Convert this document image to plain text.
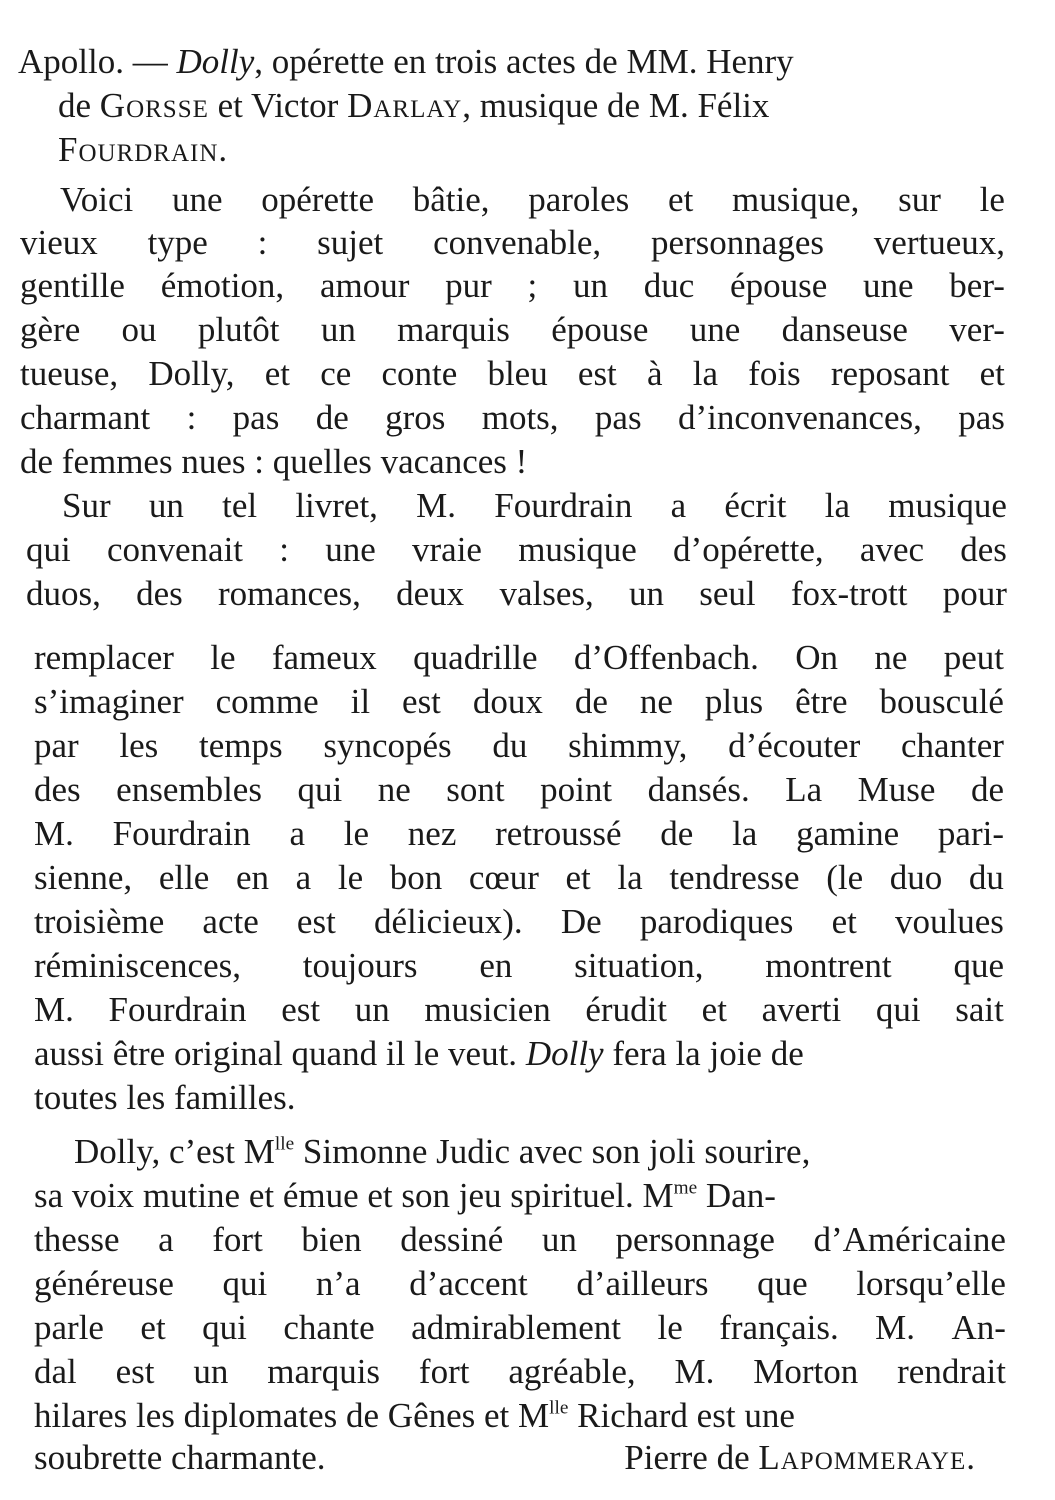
Apollo. — Dolly, opérette en trois actes de MM. Henry
de Gorsse et Victor Darlay, musique de M. Félix
Fourdrain.
Voici une opérette bâtie, paroles et musique, sur le
vieux type : sujet convenable, personnages vertueux,
gentille émotion, amour pur ; un duc épouse une ber-
gère ou plutôt un marquis épouse une danseuse ver-
tueuse, Dolly, et ce conte bleu est à la fois reposant et
charmant : pas de gros mots, pas d’inconvenances, pas
de femmes nues : quelles vacances !
Sur un tel livret, M. Fourdrain a écrit la musique
qui convenait : une vraie musique d’opérette, avec des
duos, des romances, deux valses, un seul fox-trott pour
remplacer le fameux quadrille d’Offenbach. On ne peut
s’imaginer comme il est doux de ne plus être bousculé
par les temps syncopés du shimmy, d’écouter chanter
des ensembles qui ne sont point dansés. La Muse de
M. Fourdrain a le nez retroussé de la gamine pari-
sienne, elle en a le bon cœur et la tendresse (le duo du
troisième acte est délicieux). De parodiques et voulues
réminiscences, toujours en situation, montrent que
M. Fourdrain est un musicien érudit et averti qui sait
aussi être original quand il le veut. Dolly fera la joie de
toutes les familles.
Dolly, c’est $M^{lle}$ Simonne Judic avec son joli sourire,
sa voix mutine et émue et son jeu spirituel. $M^{me}$ Dan-
thesse a fort bien dessiné un personnage d’Américaine
généreuse qui n’a d’accent d’ailleurs que lorsqu’elle
parle et qui chante admirablement le français. M. An-
dal est un marquis fort agréable, M. Morton rendrait
hilares les diplomates de Gênes et $M^{lle}$ Richard est une
soubrette charmante.	Pierre de Lapommeraye.
